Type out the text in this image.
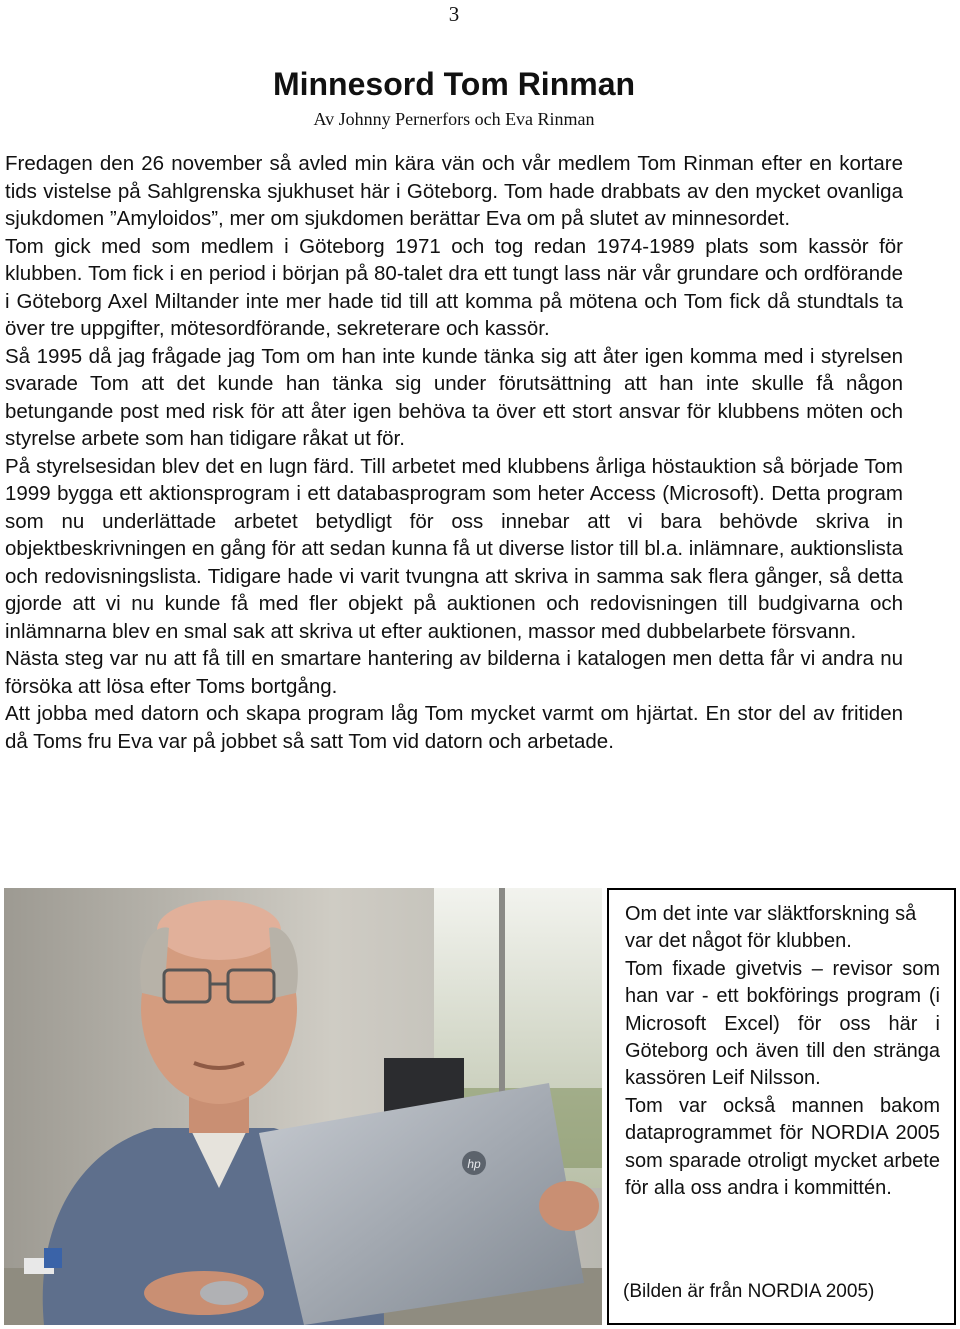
3
Minnesord Tom Rinman
Av Johnny Pernerfors och Eva Rinman

Fredagen den 26 november så avled min kära vän och vår medlem Tom Rinman efter en kortare tids vistelse på Sahlgrenska sjukhuset här i Göteborg. Tom hade drabbats av den mycket ovanliga sjukdomen ”Amyloidos”, mer om sjukdomen berättar Eva om på slutet av minnesordet.

Tom gick med som medlem i Göteborg 1971 och tog redan 1974-1989 plats som kassör för klubben. Tom fick i en period i början på 80-talet dra ett tungt lass när vår grundare och ordförande i Göteborg Axel Miltander inte mer hade tid till att komma på mötena och Tom fick då stundtals ta över tre uppgifter, mötesordförande, sekreterare och kassör.

Så 1995 då jag frågade jag Tom om han inte kunde tänka sig att åter igen komma med i styrelsen svarade Tom att det kunde han tänka sig under förutsättning att han inte skulle få någon betungande post med risk för att åter igen behöva ta över ett stort ansvar för klubbens möten och styrelse arbete som han tidigare råkat ut för.

På styrelsesidan blev det en lugn färd. Till arbetet med klubbens årliga höstauktion så började Tom 1999 bygga ett aktionsprogram i ett databasprogram som heter Access (Microsoft). Detta program som nu underlättade arbetet betydligt för oss innebar att vi bara behövde skriva in objektbeskrivningen en gång för att sedan kunna få ut diverse listor till bl.a. inlämnare, auktionslista och redovisningslista. Tidigare hade vi varit tvungna att skriva in samma sak flera gånger, så detta gjorde att vi nu kunde få med fler objekt på auktionen och redovisningen till budgivarna och inlämnarna blev en smal sak att skriva ut efter auktionen, massor med dubbelarbete försvann.

Nästa steg var nu att få till en smartare hantering av bilderna i katalogen men detta får vi andra nu försöka att lösa efter Toms bortgång.

Att jobba med datorn och skapa program låg Tom mycket varmt om hjärtat. En stor del av fritiden då Toms fru Eva var på jobbet så satt Tom vid datorn och arbetade.

hp

Om det inte var släktforskning så var det något för klubben.

Tom fixade givetvis – revisor som han var - ett bokförings program (i Microsoft Excel) för oss här i Göteborg och även till den stränga kassören Leif Nilsson.

Tom var också mannen bakom dataprogrammet för NORDIA 2005 som sparade otroligt mycket arbete för alla oss andra i kommittén.

(Bilden är från NORDIA 2005)
